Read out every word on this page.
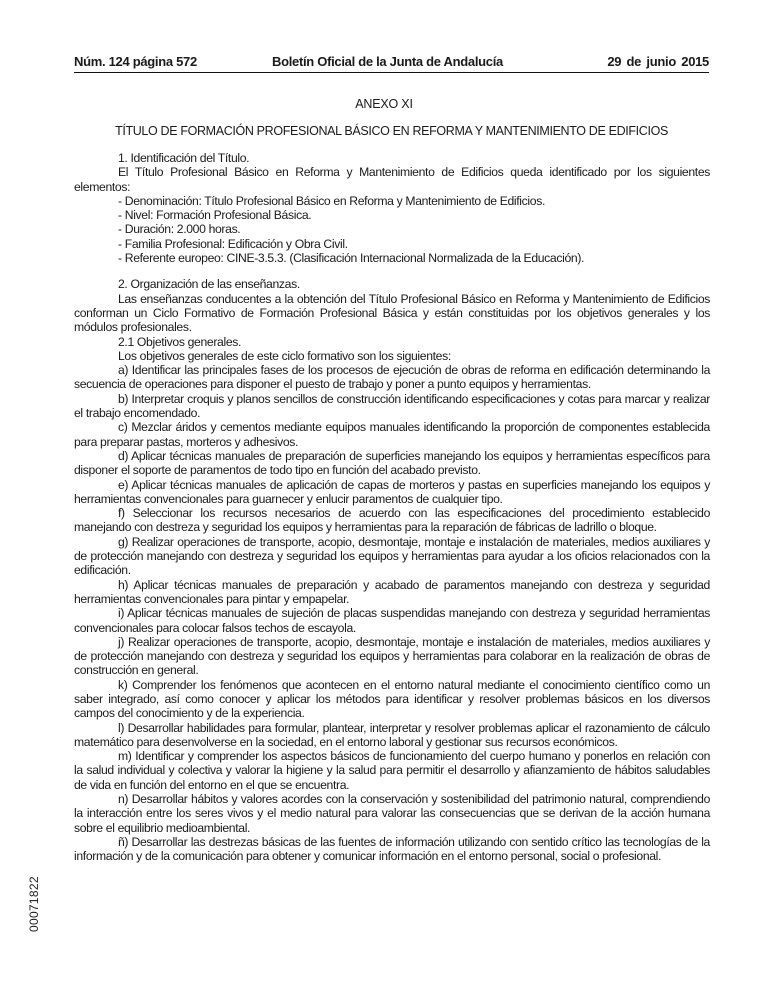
Núm. 124 página 572	Boletín Oficial de la Junta de Andalucía	29 de junio 2015
ANEXO XI
TÍTULO DE FORMACIÓN PROFESIONAL BÁSICO EN REFORMA Y MANTENIMIENTO DE EDIFICIOS

1. Identificación del Título.

El Título Profesional Básico en Reforma y Mantenimiento de Edificios queda identificado por los siguientes elementos:

- Denominación: Título Profesional Básico en Reforma y Mantenimiento de Edificios.

- Nivel: Formación Profesional Básica.

- Duración: 2.000 horas.

- Familia Profesional: Edificación y Obra Civil.

- Referente europeo: CINE-3.5.3. (Clasificación Internacional Normalizada de la Educación).

2. Organización de las enseñanzas.

Las enseñanzas conducentes a la obtención del Título Profesional Básico en Reforma y Mantenimiento de Edificios conforman un Ciclo Formativo de Formación Profesional Básica y están constituidas por los objetivos generales y los módulos profesionales.

2.1 Objetivos generales.

Los objetivos generales de este ciclo formativo son los siguientes:

a) Identificar las principales fases de los procesos de ejecución de obras de reforma en edificación determinando la secuencia de operaciones para disponer el puesto de trabajo y poner a punto equipos y herramientas.

b) Interpretar croquis y planos sencillos de construcción identificando especificaciones y cotas para marcar y realizar el trabajo encomendado.

c) Mezclar áridos y cementos mediante equipos manuales identificando la proporción de componentes establecida para preparar pastas, morteros y adhesivos.

d) Aplicar técnicas manuales de preparación de superficies manejando los equipos y herramientas específicos para disponer el soporte de paramentos de todo tipo en función del acabado previsto.

e) Aplicar técnicas manuales de aplicación de capas de morteros y pastas en superficies manejando los equipos y herramientas convencionales para guarnecer y enlucir paramentos de cualquier tipo.

f) Seleccionar los recursos necesarios de acuerdo con las especificaciones del procedimiento establecido manejando con destreza y seguridad los equipos y herramientas para la reparación de fábricas de ladrillo o bloque.

g) Realizar operaciones de transporte, acopio, desmontaje, montaje e instalación de materiales, medios auxiliares y de protección manejando con destreza y seguridad los equipos y herramientas para ayudar a los oficios relacionados con la edificación.

h) Aplicar técnicas manuales de preparación y acabado de paramentos manejando con destreza y seguridad herramientas convencionales para pintar y empapelar.

i) Aplicar técnicas manuales de sujeción de placas suspendidas manejando con destreza y seguridad herramientas convencionales para colocar falsos techos de escayola.

j) Realizar operaciones de transporte, acopio, desmontaje, montaje e instalación de materiales, medios auxiliares y de protección manejando con destreza y seguridad los equipos y herramientas para colaborar en la realización de obras de construcción en general.

k) Comprender los fenómenos que acontecen en el entorno natural mediante el conocimiento científico como un saber integrado, así como conocer y aplicar los métodos para identificar y resolver problemas básicos en los diversos campos del conocimiento y de la experiencia.

l) Desarrollar habilidades para formular, plantear, interpretar y resolver problemas aplicar el razonamiento de cálculo matemático para desenvolverse en la sociedad, en el entorno laboral y gestionar sus recursos económicos.

m) Identificar y comprender los aspectos básicos de funcionamiento del cuerpo humano y ponerlos en relación con la salud individual y colectiva y valorar la higiene y la salud para permitir el desarrollo y afianzamiento de hábitos saludables de vida en función del entorno en el que se encuentra.

n) Desarrollar hábitos y valores acordes con la conservación y sostenibilidad del patrimonio natural, comprendiendo la interacción entre los seres vivos y el medio natural para valorar las consecuencias que se derivan de la acción humana sobre el equilibrio medioambiental.

ñ) Desarrollar las destrezas básicas de las fuentes de información utilizando con sentido crítico las tecnologías de la información y de la comunicación para obtener y comunicar información en el entorno personal, social o profesional.

00071822
